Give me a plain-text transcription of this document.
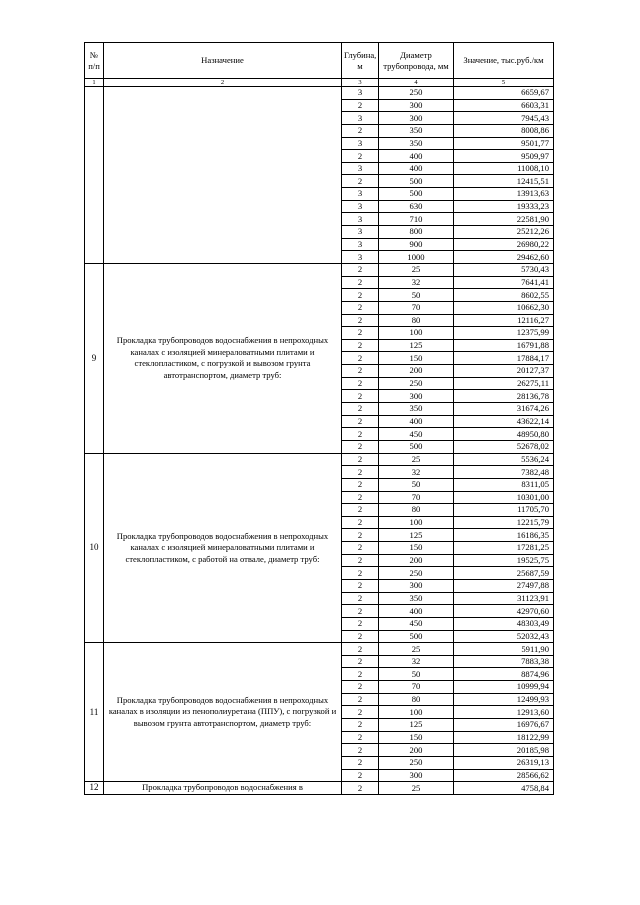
№ п/п	Назначение	Глубина, м	Диаметр трубопровода, мм	Значение, тыс.руб./км
1	2	3	4	5
		3	250	6659,67
		2	300	6603,31
		3	300	7945,43
		2	350	8008,86
		3	350	9501,77
		2	400	9509,97
		3	400	11008,10
		2	500	12415,51
		3	500	13913,63
		3	630	19333,23
		3	710	22581,90
		3	800	25212,26
		3	900	26980,22
		3	1000	29462,60
9	Прокладка трубопроводов водоснабжения в непроходных каналах с изоляцией минераловатными плитами и стеклопластиком, с погрузкой и вывозом грунта автотранспортом, диаметр труб:	2	25	5730,43
		2	32	7641,41
		2	50	8602,55
		2	70	10662,30
		2	80	12116,27
		2	100	12375,99
		2	125	16791,88
		2	150	17884,17
		2	200	20127,37
		2	250	26275,11
		2	300	28136,78
		2	350	31674,26
		2	400	43622,14
		2	450	48950,80
		2	500	52678,02
10	Прокладка трубопроводов водоснабжения в непроходных каналах с изоляцией минераловатными плитами и стеклопластиком, с работой на отвале, диаметр труб:	2	25	5536,24
		2	32	7382,48
		2	50	8311,05
		2	70	10301,00
		2	80	11705,70
		2	100	12215,79
		2	125	16186,35
		2	150	17281,25
		2	200	19525,75
		2	250	25687,59
		2	300	27497,88
		2	350	31123,91
		2	400	42970,60
		2	450	48303,49
		2	500	52032,43
11	Прокладка трубопроводов водоснабжения в непроходных каналах в изоляции из пенополиуретана (ППУ), с погрузкой и вывозом грунта автотранспортом, диаметр труб:	2	25	5911,90
		2	32	7883,38
		2	50	8874,96
		2	70	10999,94
		2	80	12499,93
		2	100	12913,60
		2	125	16976,67
		2	150	18122,99
		2	200	20185,98
		2	250	26319,13
		2	300	28566,62
12	Прокладка трубопроводов водоснабжения в	2	25	4758,84
